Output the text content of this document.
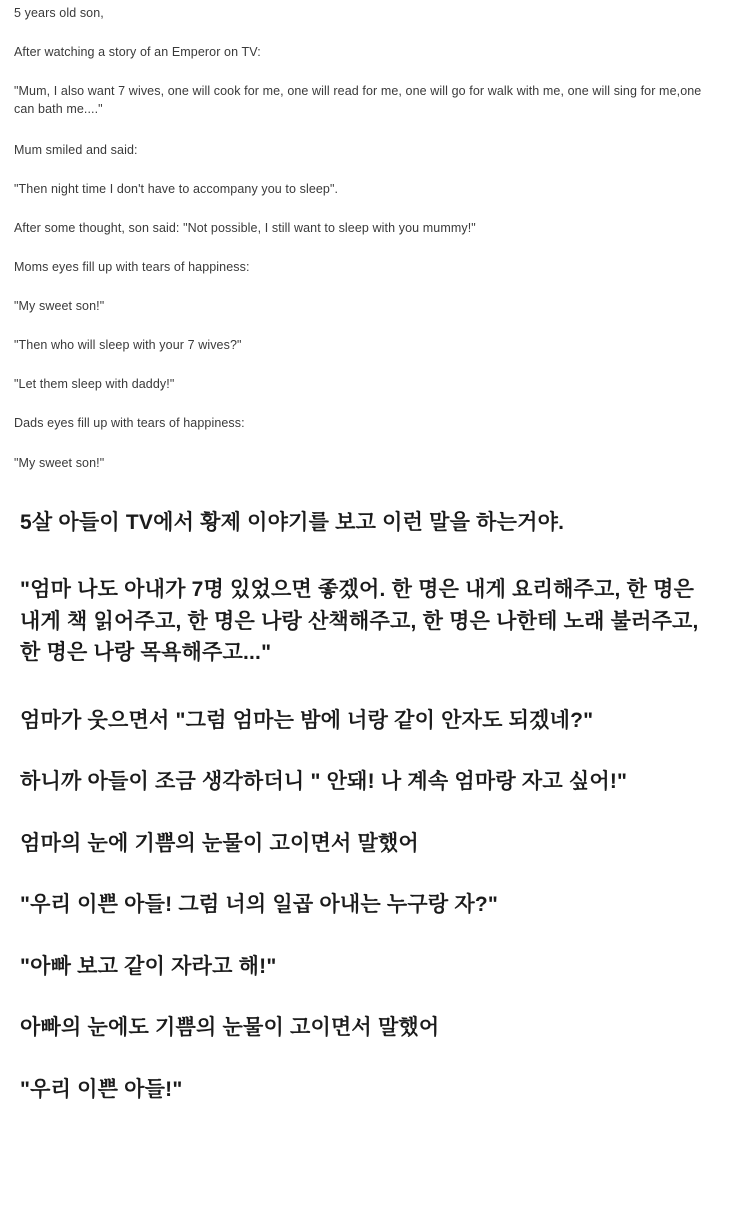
5 years old son,

After watching a story of an Emperor on TV:

"Mum, I also want 7 wives, one will cook for me, one will read for me, one will go for walk with me, one will sing for me,one can bath me...."

Mum smiled and said:

"Then night time I don't have to accompany you to sleep".

After some thought, son said: "Not possible, I still want to sleep with you mummy!"

Moms eyes fill up with tears of happiness:

"My sweet son!"

"Then who will sleep with your 7 wives?"

"Let them sleep with daddy!"

Dads eyes fill up with tears of happiness:

"My sweet son!"

5살 아들이 TV에서 황제 이야기를 보고 이런 말을 하는거야.

"엄마 나도 아내가 7명 있었으면 좋겠어. 한 명은 내게 요리해주고, 한 명은 내게 책 읽어주고, 한 명은 나랑 산책해주고, 한 명은 나한테 노래 불러주고, 한 명은 나랑 목욕해주고..."

엄마가 웃으면서 "그럼 엄마는 밤에 너랑 같이 안자도 되겠네?"

하니까 아들이 조금 생각하더니 " 안돼! 나 계속 엄마랑 자고 싶어!"

엄마의 눈에 기쁨의 눈물이 고이면서 말했어

"우리 이쁜 아들! 그럼 너의 일곱 아내는 누구랑 자?"

"아빠 보고 같이 자라고 해!"

아빠의 눈에도 기쁨의 눈물이 고이면서 말했어

"우리 이쁜 아들!"
